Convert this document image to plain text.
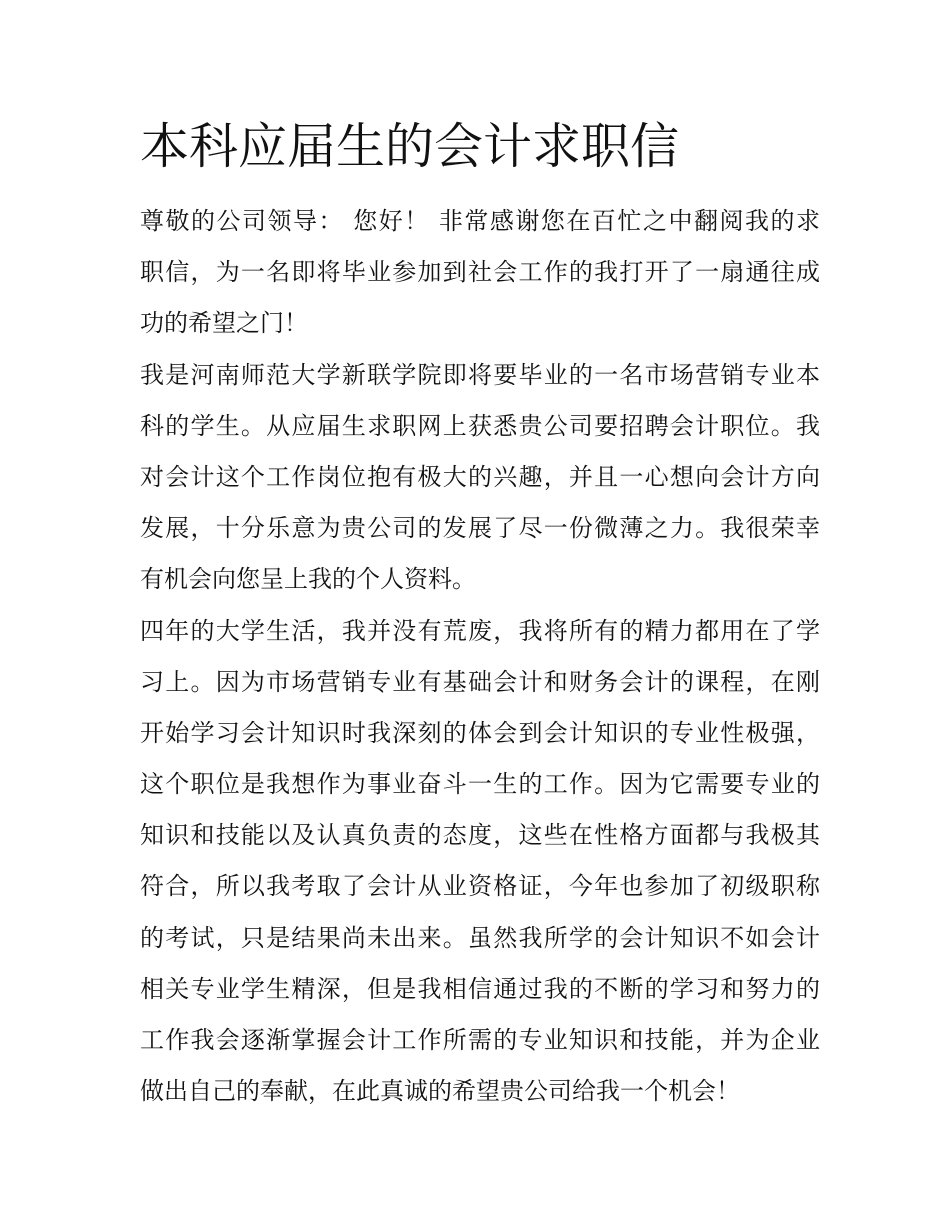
本科应届生的会计求职信
尊敬的公司领导： 您好！ 非常感谢您在百忙之中翻阅我的求
职信，为一名即将毕业参加到社会工作的我打开了一扇通往成
功的希望之门！
我是河南师范大学新联学院即将要毕业的一名市场营销专业本
科的学生。从应届生求职网上获悉贵公司要招聘会计职位。我
对会计这个工作岗位抱有极大的兴趣，并且一心想向会计方向
发展，十分乐意为贵公司的发展了尽一份微薄之力。我很荣幸
有机会向您呈上我的个人资料。
四年的大学生活，我并没有荒废，我将所有的精力都用在了学
习上。因为市场营销专业有基础会计和财务会计的课程，在刚
开始学习会计知识时我深刻的体会到会计知识的专业性极强，
这个职位是我想作为事业奋斗一生的工作。因为它需要专业的
知识和技能以及认真负责的态度，这些在性格方面都与我极其
符合，所以我考取了会计从业资格证，今年也参加了初级职称
的考试，只是结果尚未出来。虽然我所学的会计知识不如会计
相关专业学生精深，但是我相信通过我的不断的学习和努力的
工作我会逐渐掌握会计工作所需的专业知识和技能，并为企业
做出自己的奉献，在此真诚的希望贵公司给我一个机会！
